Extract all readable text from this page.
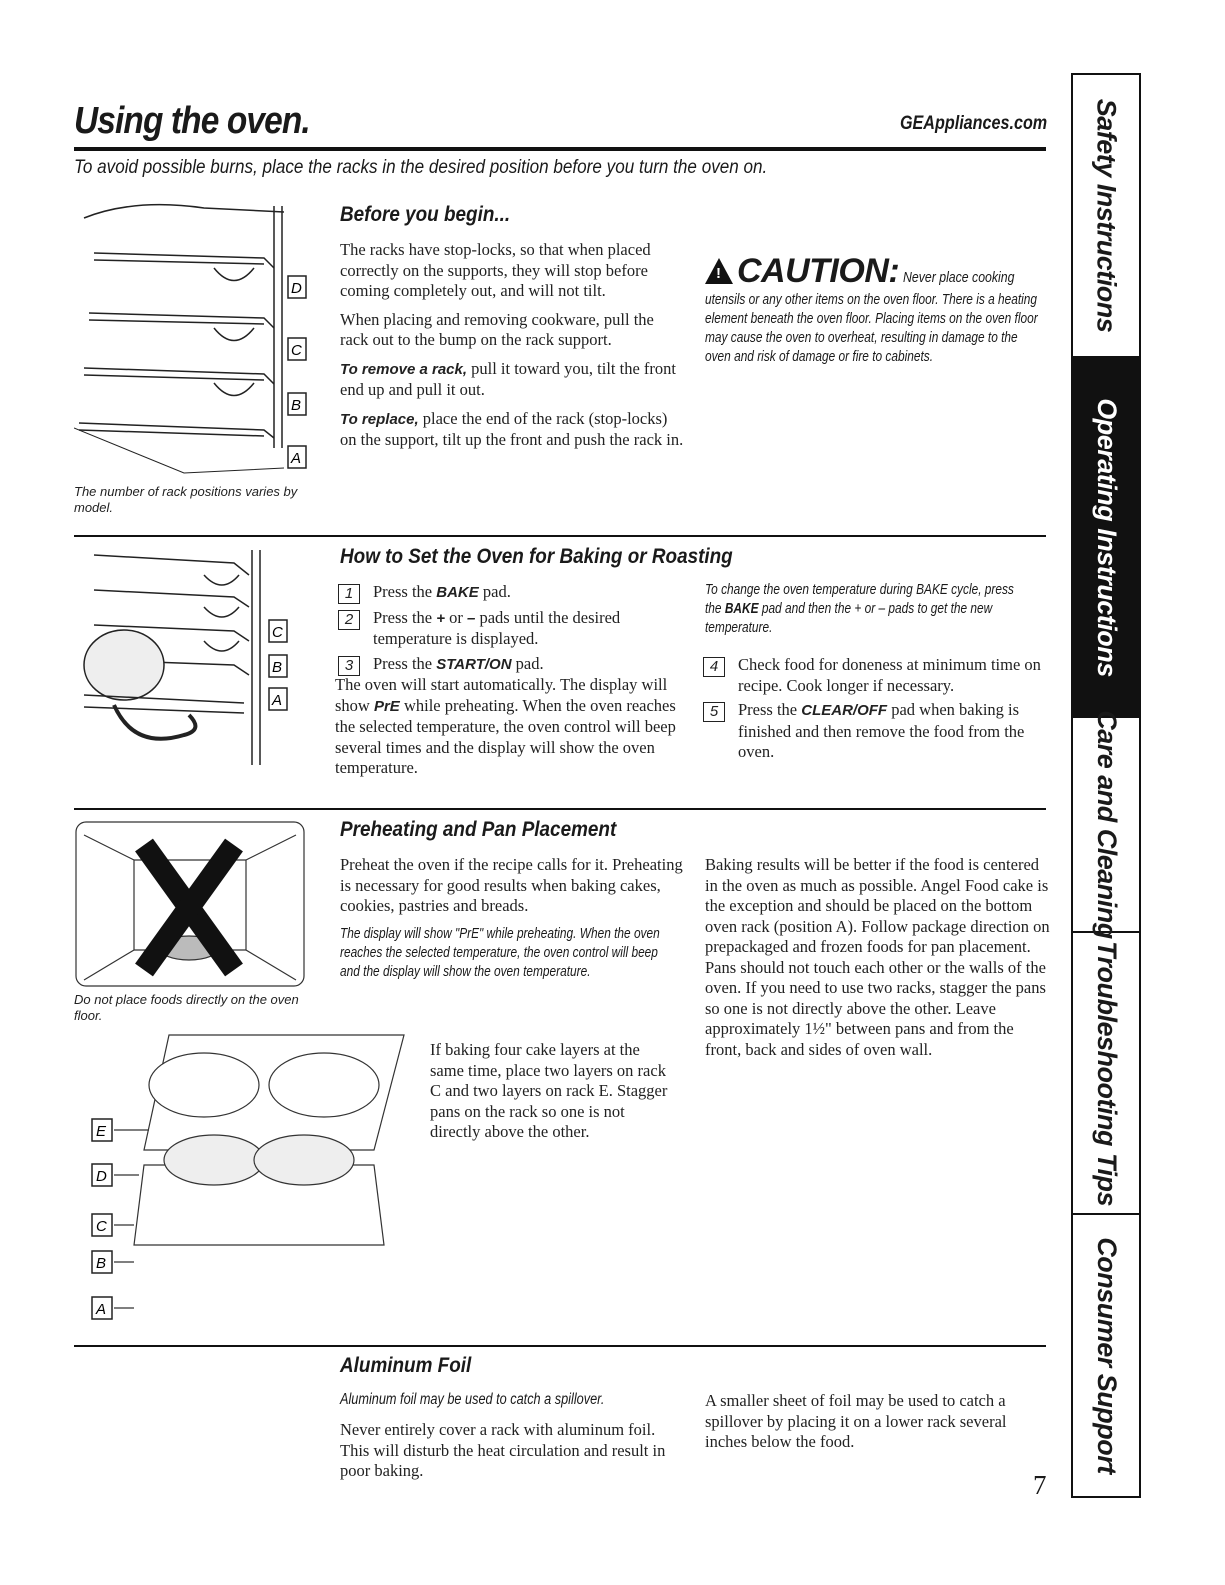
Using the oven.	GEAppliances.com
To avoid possible burns, place the racks in the desired position before you turn the oven on.
D
C
B
A
The number of rack positions varies by model.
Before you begin...

The racks have stop-locks, so that when placed correctly on the supports, they will stop before coming completely out, and will not tilt.

When placing and removing cookware, pull the rack out to the bump on the rack support.

To remove a rack, pull it toward you, tilt the front end up and pull it out.

To replace, place the end of the rack (stop-locks) on the support, tilt up the front and push the rack in.

!CAUTION: Never place cooking
utensils or any other items on the oven floor. There is a heating element beneath the oven floor. Placing items on the oven floor may cause the oven to overheat, resulting in damage to the oven and risk of damage or fire to cabinets.
C
B
A
How to Set the Oven for Baking or Roasting
1	Press the BAKE pad.
2	Press the + or – pads until the desired temperature is displayed.
3	Press the START/ON pad.

The oven will start automatically. The display will show PrE while preheating. When the oven reaches the selected temperature, the oven control will beep several times and the display will show the oven temperature.

To change the oven temperature during BAKE cycle, press the BAKE pad and then the + or – pads to get the new temperature.
4	Check food for doneness at minimum time on recipe. Cook longer if necessary.
5	Press the CLEAR/OFF pad when baking is finished and then remove the food from the oven.
Do not place foods directly on the oven floor.
Preheating and Pan Placement

Preheat the oven if the recipe calls for it. Preheating is necessary for good results when baking cakes, cookies, pastries and breads.

The display will show "PrE" while preheating. When the oven reaches the selected temperature, the oven control will beep and the display will show the oven temperature.
E
D
C
B
A
If baking four cake layers at the same time, place two layers on rack C and two layers on rack E. Stagger pans on the rack so one is not directly above the other.
Baking results will be better if the food is centered in the oven as much as possible. Angel Food cake is the exception and should be placed on the bottom oven rack (position A). Follow package direction on prepackaged and frozen foods for pan placement. Pans should not touch each other or the walls of the oven. If you need to use two racks, stagger the pans so one is not directly above the other. Leave approximately 1½" between pans and from the front, back and sides of oven wall.
Aluminum Foil
Aluminum foil may be used to catch a spillover.
Never entirely cover a rack with aluminum foil. This will disturb the heat circulation and result in poor baking.
A smaller sheet of foil may be used to catch a spillover by placing it on a lower rack several inches below the food.
7
Safety Instructions
Operating Instructions
Care and Cleaning
Troubleshooting Tips
Consumer Support
